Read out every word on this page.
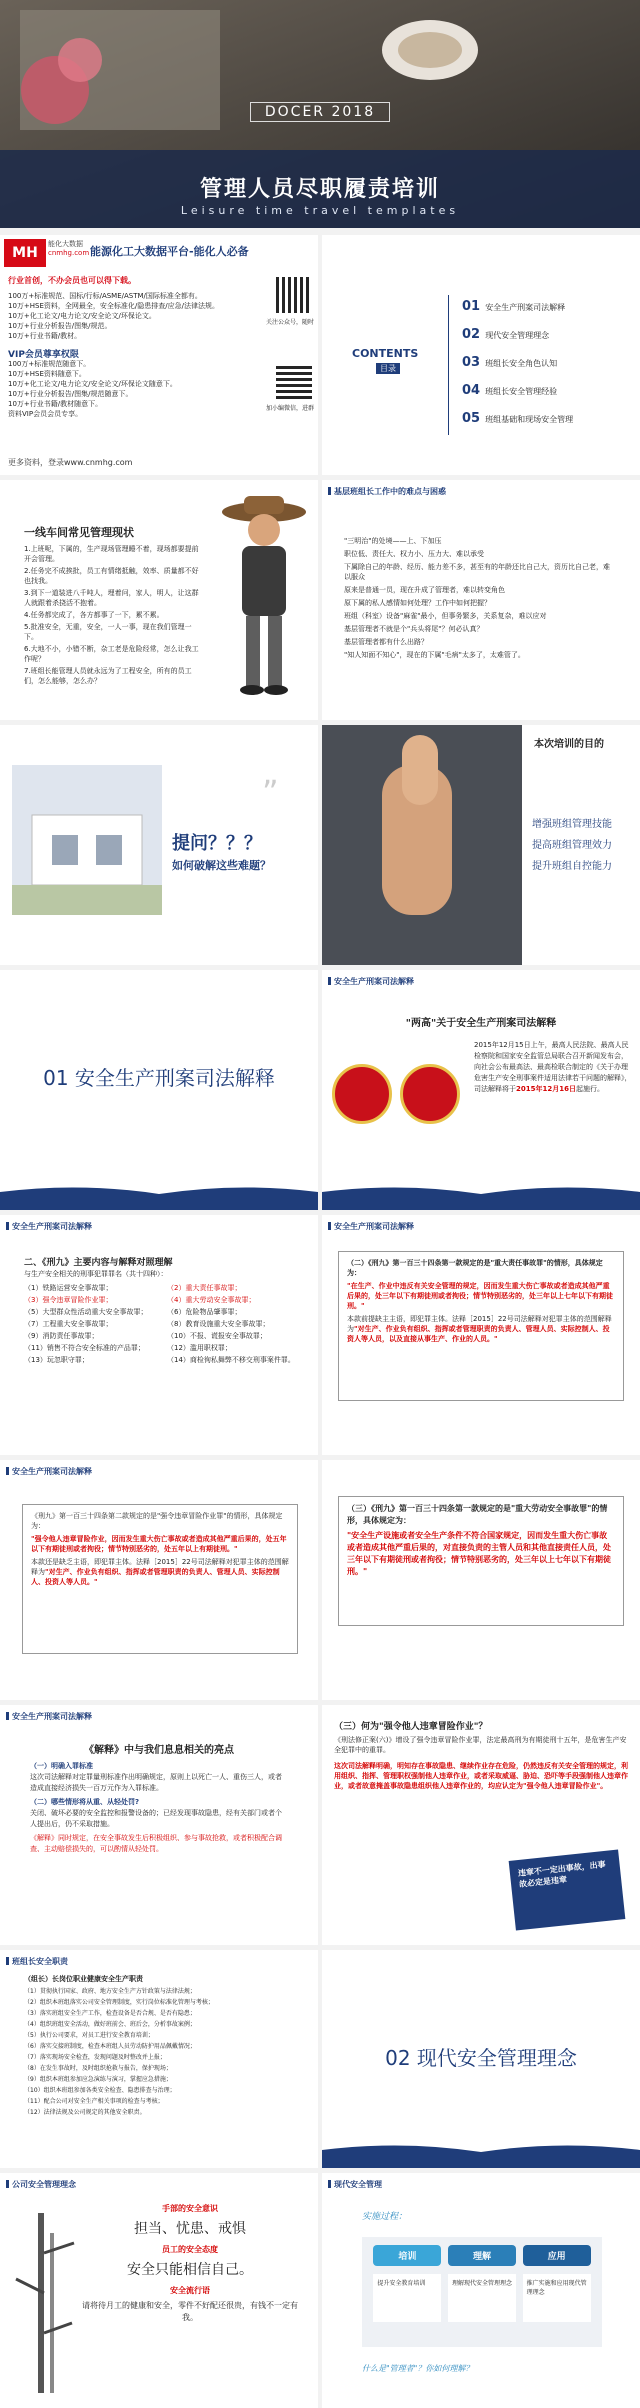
DOCER 2018
管理人员尽职履责培训
Leisure time travel templates
MH
能化大数据
cnmhg.com 能源化工大数据平台-能化人必备
行业首创，不办会员也可以得下载。
100万+标准规范、国标/行标/ASME/ASTM/国际标准全都有。
10万+HSE资料，全网最全，安全标准化/隐患排查/应急/法律法规。
10万+化工论文/电力论文/安全论文/环保论文。
10万+行业分析报告/图集/规范。
10万+行业书籍/教材。
VIP会员尊享权限
100万+标准规范随意下。
10万+HSE资料随意下。
10万+化工论文/电力论文/安全论文/环保论文随意下。
10万+行业分析报告/图集/规范随意下。
10万+行业书籍/教材随意下。
资料VIP会员会员专享。
关注公众号，随时
加小编微信，进群
更多资料，登录www.cnmhg.com
CONTENTS
目录
01 安全生产刑案司法解释
02 现代安全管理理念
03 班组长安全角色认知
04 班组长安全管理经验
05 班组基础和现场安全管理
一线车间常见管理现状
1.上班呢，下属的，生产现场管理睡不着，现场都要提前开会管理。
2.任务完不成挨批，员工有情绪抵触，效率、质量都不好也找我。
3.到下一道装进八千吨人，埋着问，家人，明人，让这群人就跟着杀挠活不抱着。
4.任务都完成了，各方都事了一下，累不累。
5.批准安全，无重，安全，一人一事，现在我们管理一下。
6.大地不小，小错不断，杂工老是危险经常，怎么让我工作呢？
7.班组长能管理人员就永远为了工程安全，所有的员工们，怎么能够，怎么办？
基层班组长工作中的难点与困惑
"三明治"的处境——上、下加压
职位低、责任大、权力小、压力大、难以承受
下属除自己的年龄、经历、能力差不多，甚至有的年龄还比自己大，资历比自己老，难以服众
原来是普通一员，现在升成了管理者，难以转变角色
原下属的私人感情如何处理？工作中如何把握？
班组（科室）设备"麻雀"最小，但事务繁多，关系复杂，难以应对
基层管理者不就是个"兵头将尾"？何必认真？
基层管理者都有什么出路？
"知人知面不知心"，现在的下属"毛病"太多了，太难管了。
”
提问？？？
如何破解这些难题？
本次培训的目的
增强班组管理技能
提高班组管理效力
提升班组自控能力
01 安全生产刑案司法解释
安全生产刑案司法解释
"两高"关于安全生产刑案司法解释
2015年12月15日上午，最高人民法院、最高人民检察院和国家安全监管总局联合召开新闻发布会，向社会公布最高法、最高检联合制定的《关于办理危害生产安全刑事案件适用法律若干问题的解释》，司法解释将于2015年12月16日起施行。
安全生产刑案司法解释
二、《刑九》主要内容与解释对照理解
与生产安全相关的刑事犯罪罪名（共十四种）：
（1）铁路运营安全事故罪；	（2）重大责任事故罪；
（3）强令违章冒险作业罪；	（4）重大劳动安全事故罪；
（5）大型群众性活动重大安全事故罪；	（6）危险物品肇事罪；
（7）工程重大安全事故罪；	（8）教育设施重大安全事故罪；
（9）消防责任事故罪；	（10）不报、谎报安全事故罪；
（11）销售不符合安全标准的产品罪；	（12）滥用职权罪；
（13）玩忽职守罪；	（14）商检徇私舞弊不移交刑事案件罪。
安全生产刑案司法解释
（二）《刑九》第一百三十四条第一款规定的是"重大责任事故罪"的情形，具体规定为：
"在生产、作业中违反有关安全管理的规定，因而发生重大伤亡事故或者造成其他严重后果的，处三年以下有期徒刑或者拘役；情节特别恶劣的，处三年以上七年以下有期徒刑。"
本款前提缺主主语，即犯罪主体。法释［2015］22号司法解释对犯罪主体的范围解释为"对生产、作业负有组织、指挥或者管理职责的负责人、管理人员、实际控制人、投资人等人员，以及直接从事生产、作业的人员。"
安全生产刑案司法解释
《刑九》第一百三十四条第二款规定的是"强令违章冒险作业罪"的情形，具体规定为：
"强令他人违章冒险作业，因而发生重大伤亡事故或者造成其他严重后果的，处五年以下有期徒刑或者拘役；情节特别恶劣的，处五年以上有期徒刑。"
本款还是缺乏主语，即犯罪主体。法释［2015］22号司法解释对犯罪主体的范围解释为"对生产、作业负有组织、指挥或者管理职责的负责人、管理人员、实际控制人、投资人等人员。"
（三）《刑九》第一百三十四条第一款规定的是"重大劳动安全事故罪"的情形，具体规定为：
"安全生产设施或者安全生产条件不符合国家规定，因而发生重大伤亡事故或者造成其他严重后果的，对直接负责的主管人员和其他直接责任人员，处三年以下有期徒刑或者拘役；情节特别恶劣的，处三年以上七年以下有期徒刑。"
安全生产刑案司法解释
《解释》中与我们息息相关的亮点
（一）明确入罪标准
这次司法解释对定罪量刑标准作出明确规定，原则上以死亡一人、重伤三人，或者造成直接经济损失一百万元作为入罪标准。
（二）哪些情形将从重、从轻处罚?
关闭、破坏必要的安全监控和报警设备的；已经发现事故隐患，经有关部门或者个人提出后，仍不采取措施。
《解释》同时规定，在安全事故发生后积极组织、参与事故抢救，或者积极配合调查、主动赔偿损失的，可以酌情从轻处罚。
（三）何为"强令他人违章冒险作业"？
《刑法修正案(六)》增设了强令违章冒险作业罪，法定最高刑为有期徒刑十五年，是危害生产安全犯罪中的重罪。
这次司法解释明确，明知存在事故隐患、继续作业存在危险，仍然违反有关安全管理的规定，利用组织、指挥、管理职权强制他人违章作业，或者采取威逼、胁迫、恐吓等手段强制他人违章作业，或者故意掩盖事故隐患组织他人违章作业的，均应认定为"强令他人违章冒险作业"。
违章不一定出事故，出事故必定是违章
班组长安全职责
（组长）长岗位职业健康安全生产职责
（1）贯彻执行国家、政府、地方安全生产方针政策与法律法规；
（2）组织本班组落实公司安全管理制度，实行岗位标准化管理与考核；
（3）落实班组安全生产工作，检查设备是否合规、是否有隐患；
（4）组织班组安全活动，做好班前会、班后会，分析事故案例；
（5）执行公司要求，对员工进行安全教育培训；
（6）落实交接班制度，检查本班组人员劳动防护用品佩戴情况；
（7）落实现场安全检查，发现问题及时整改并上报；
（8）在发生事故时，及时组织抢救与报告，保护现场；
（9）组织本班组参加应急演练与演习，掌握应急措施；
（10）组织本班组参加各类安全检查、隐患排查与治理；
（11）配合公司对安全生产相关事项的检查与考核；
（12）法律法规及公司规定的其他安全职责。
02 现代安全管理理念
公司安全管理理念
手部的安全意识
担当、忧患、戒惧
员工的安全态度
安全只能相信自己。
安全流行语
请将待月工的健康和安全，零件不好配还很贵，有钱不一定有我。
现代安全管理
实施过程：
培训
提升安全教育培训
理解
理解现代安全管理理念
应用
推广实施和应用现代管理理念
什么是"管理者"？你如何理解？
